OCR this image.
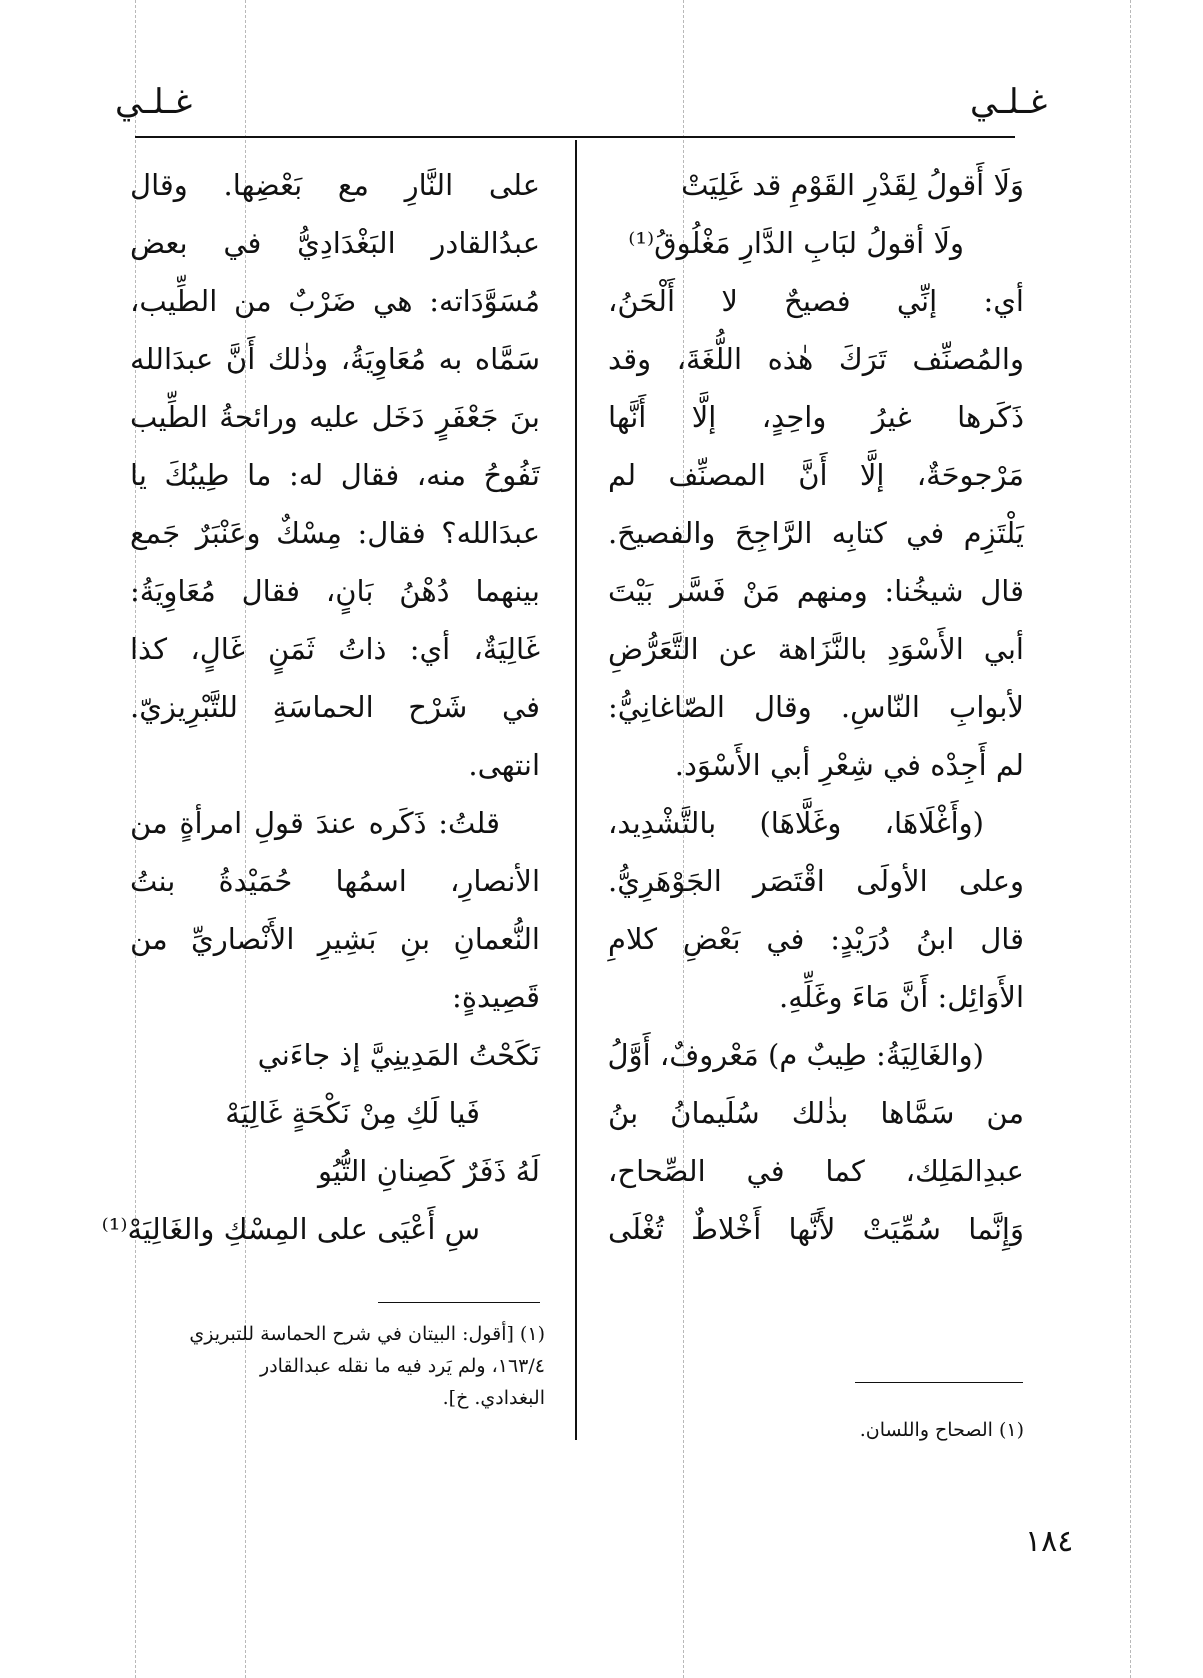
غـلـي
غـلـي
وَلَا أَقولُ لِقَدْرِ القَوْمِ قد غَلِيَتْ
ولَا أقولُ لبَابِ الدَّارِ مَغْلُوقُ⁽¹⁾
أي: إنِّي فصيحٌ لا أَلْحَنُ،
والمُصنِّف تَرَكَ هٰذه اللُّغَةَ، وقد
ذَكَرها غيرُ واحِدٍ، إلَّا أَنَّها
مَرْجوحَةٌ، إلَّا أَنَّ المصنِّف لم
يَلْتَزِم في كتابِه الرَّاجِحَ والفصيحَ.
قال شيخُنا: ومنهم مَنْ فَسَّر بَيْتَ
أبي الأَسْوَدِ بالنَّزَاهة عن التَّعَرُّضِ
لأبوابِ النّاسِ. وقال الصّاغانِيُّ:
لم أَجِدْه في شِعْرِ أبي الأَسْوَد.
(وأَغْلَاهَا، وغَلَّاهَا) بالتَّشْدِيد،
وعلى الأولَى اقْتَصَر الجَوْهَرِيُّ.
قال ابنُ دُرَيْدٍ: في بَعْضِ كلامِ
الأَوَائِل: أَنَّ مَاءَ وغَلِّهِ.
(والغَالِيَةُ: طِيبٌ م) مَعْروفٌ، أَوَّلُ
من سَمَّاها بذٰلك سُلَيمانُ بنُ
عبدِالمَلِك، كما في الصِّحاح،
وَإِنَّما سُمِّيَتْ لأَنَّها أَخْلاطٌ تُغْلَى
على النَّارِ مع بَعْضِها. وقال
عبدُالقادر البَغْدَادِيُّ في بعض
مُسَوَّدَاته: هي ضَرْبٌ من الطِّيب،
سَمَّاه به مُعَاوِيَةُ، وذٰلك أَنَّ عبدَالله
بنَ جَعْفَرٍ دَخَل عليه ورائحةُ الطِّيب
تَفُوحُ منه، فقال له: ما طِيبُكَ يا
عبدَالله؟ فقال: مِسْكٌ وعَنْبَرٌ جَمع
بينهما دُهْنُ بَانٍ، فقال مُعَاوِيَةُ:
غَالِيَةٌ، أي: ذاتُ ثَمَنٍ غَالٍ، كذا
في شَرْح الحماسَةِ للتَّبْرِيزيّ.
انتهى.
قلتُ: ذَكَره عندَ قولِ امرأةٍ من
الأنصارِ، اسمُها حُمَيْدةُ بنتُ
النُّعمانِ بنِ بَشِيرِ الأَنْصاريِّ من
قَصِيدةٍ:
نَكَحْتُ المَدِينِيَّ إذ جاءَني
فَيا لَكِ مِنْ نَكْحَةٍ غَالِيَهْ
لَهُ ذَفَرٌ كَصِنانِ التُّيُو
سِ أَعْيَى على المِسْكِ والغَالِيَهْ⁽¹⁾
(١) [أقول: البيتان في شرح الحماسة للتبريزي
١٦٣/٤، ولم يَرد فيه ما نقله عبدالقادر
البغدادي. خ].
(١) الصحاح واللسان.
١٨٤
